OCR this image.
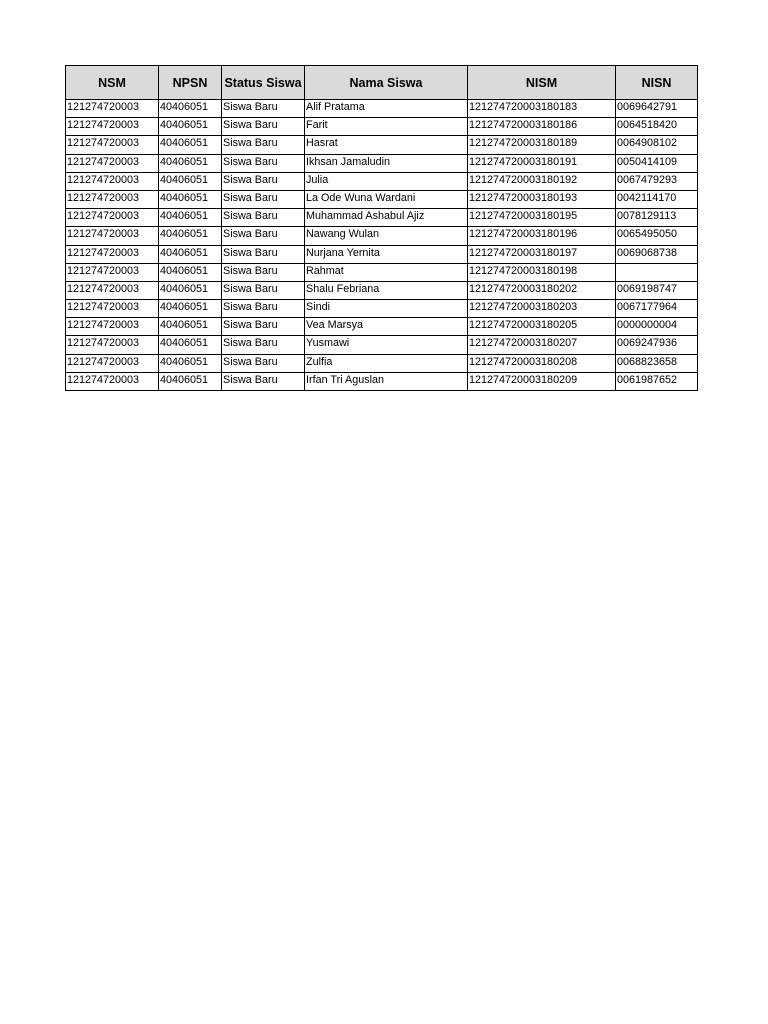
NSM	NPSN	Status Siswa	Nama Siswa	NISM	NISN
121274720003	40406051	Siswa Baru	Alif Pratama	121274720003180183	0069642791
121274720003	40406051	Siswa Baru	Farit	121274720003180186	0064518420
121274720003	40406051	Siswa Baru	Hasrat	121274720003180189	0064908102
121274720003	40406051	Siswa Baru	Ikhsan Jamaludin	121274720003180191	0050414109
121274720003	40406051	Siswa Baru	Julia	121274720003180192	0067479293
121274720003	40406051	Siswa Baru	La Ode Wuna Wardani	121274720003180193	0042114170
121274720003	40406051	Siswa Baru	Muhammad Ashabul Ajiz	121274720003180195	0078129113
121274720003	40406051	Siswa Baru	Nawang Wulan	121274720003180196	0065495050
121274720003	40406051	Siswa Baru	Nurjana Yernita	121274720003180197	0069068738
121274720003	40406051	Siswa Baru	Rahmat	121274720003180198	
121274720003	40406051	Siswa Baru	Shalu Febriana	121274720003180202	0069198747
121274720003	40406051	Siswa Baru	Sindi	121274720003180203	0067177964
121274720003	40406051	Siswa Baru	Vea Marsya	121274720003180205	0000000004
121274720003	40406051	Siswa Baru	Yusmawi	121274720003180207	0069247936
121274720003	40406051	Siswa Baru	Zulfia	121274720003180208	0068823658
121274720003	40406051	Siswa Baru	Irfan Tri Aguslan	121274720003180209	0061987652
